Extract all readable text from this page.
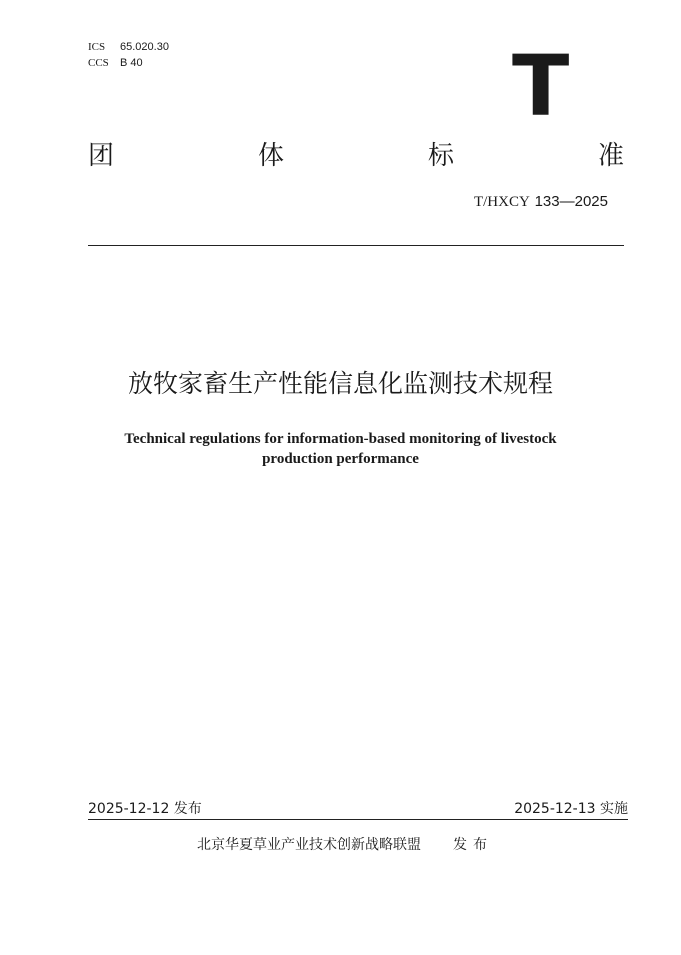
ICS 65.020.30
CCS B 40	T
团	体	标	准
T/HXCY 133—2025
放牧家畜生产性能信息化监测技术规程
Technical regulations for information-based monitoring of livestock
production performance
2025-12-12 发布	2025-12-13 实施
北京华夏草业产业技术创新战略联盟 发布
